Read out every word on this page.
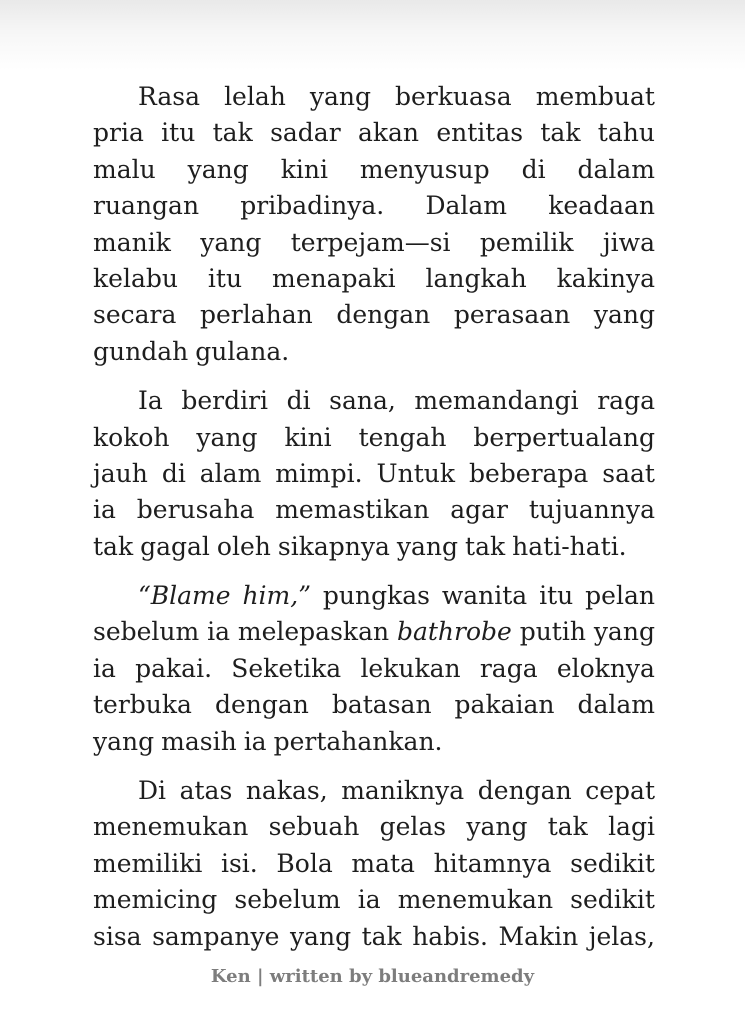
Rasa lelah yang berkuasa membuat
pria itu tak sadar akan entitas tak tahu
malu yang kini menyusup di dalam
ruangan pribadinya. Dalam keadaan
manik yang terpejam—si pemilik jiwa
kelabu itu menapaki langkah kakinya
secara perlahan dengan perasaan yang
gundah gulana.
Ia berdiri di sana, memandangi raga
kokoh yang kini tengah berpertualang
jauh di alam mimpi. Untuk beberapa saat
ia berusaha memastikan agar tujuannya
tak gagal oleh sikapnya yang tak hati-hati.
“Blame him,” pungkas wanita itu pelan
sebelum ia melepaskan bathrobe putih yang
ia pakai. Seketika lekukan raga eloknya
terbuka dengan batasan pakaian dalam
yang masih ia pertahankan.
Di atas nakas, maniknya dengan cepat
menemukan sebuah gelas yang tak lagi
memiliki isi. Bola mata hitamnya sedikit
memicing sebelum ia menemukan sedikit
sisa sampanye yang tak habis. Makin jelas,
Ken | written by blueandremedy
